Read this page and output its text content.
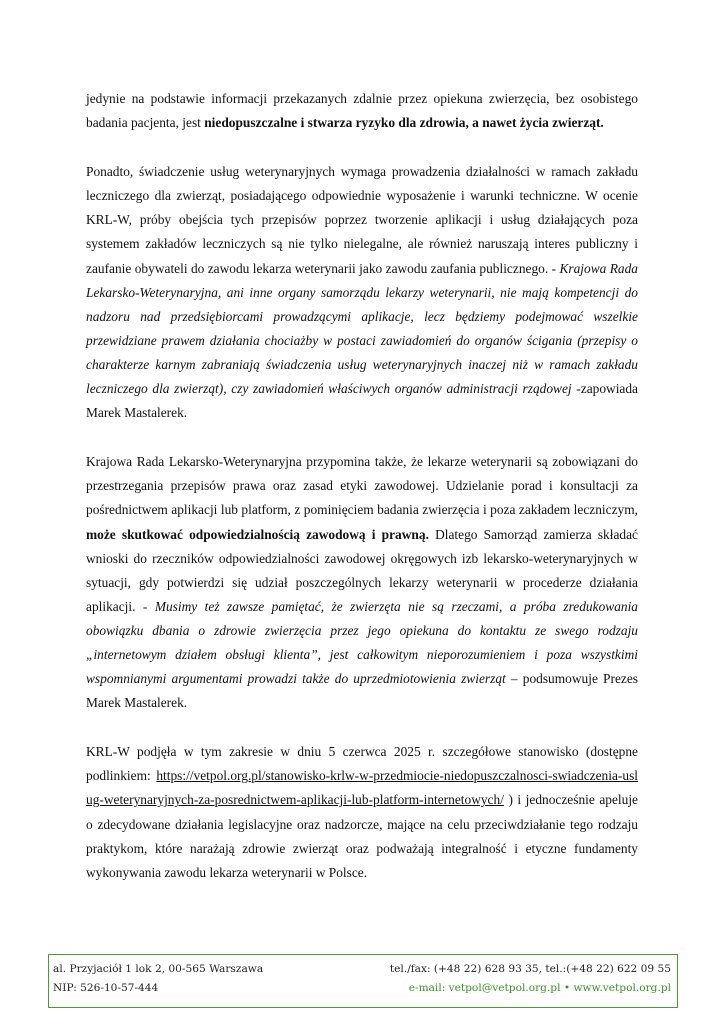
jedynie na podstawie informacji przekazanych zdalnie przez opiekuna zwierzęcia, bez osobistego badania pacjenta, jest niedopuszczalne i stwarza ryzyko dla zdrowia, a nawet życia zwierząt.

Ponadto, świadczenie usług weterynaryjnych wymaga prowadzenia działalności w ramach zakładu leczniczego dla zwierząt, posiadającego odpowiednie wyposażenie i warunki techniczne. W ocenie KRL-W, próby obejścia tych przepisów poprzez tworzenie aplikacji i usług działających poza systemem zakładów leczniczych są nie tylko nielegalne, ale również naruszają interes publiczny i zaufanie obywateli do zawodu lekarza weterynarii jako zawodu zaufania publicznego. - Krajowa Rada Lekarsko-Weterynaryjna, ani inne organy samorządu lekarzy weterynarii, nie mają kompetencji do nadzoru nad przedsiębiorcami prowadzącymi aplikacje, lecz będziemy podejmować wszelkie przewidziane prawem działania chociażby w postaci zawiadomień do organów ścigania (przepisy o charakterze karnym zabraniają świadczenia usług weterynaryjnych inaczej niż w ramach zakładu leczniczego dla zwierząt), czy zawiadomień właściwych organów administracji rządowej -zapowiada Marek Mastalerek.

Krajowa Rada Lekarsko-Weterynaryjna przypomina także, że lekarze weterynarii są zobowiązani do przestrzegania przepisów prawa oraz zasad etyki zawodowej. Udzielanie porad i konsultacji za pośrednictwem aplikacji lub platform, z pominięciem badania zwierzęcia i poza zakładem leczniczym, może skutkować odpowiedzialnością zawodową i prawną. Dlatego Samorząd zamierza składać wnioski do rzeczników odpowiedzialności zawodowej okręgowych izb lekarsko-weterynaryjnych w sytuacji, gdy potwierdzi się udział poszczególnych lekarzy weterynarii w procederze działania aplikacji. - Musimy też zawsze pamiętać, że zwierzęta nie są rzeczami, a próba zredukowania obowiązku dbania o zdrowie zwierzęcia przez jego opiekuna do kontaktu ze swego rodzaju „internetowym działem obsługi klienta”, jest całkowitym nieporozumieniem i poza wszystkimi wspomnianymi argumentami prowadzi także do uprzedmiotowienia zwierząt – podsumowuje Prezes Marek Mastalerek.

KRL-W podjęła w tym zakresie w dniu 5 czerwca 2025 r. szczegółowe stanowisko (dostępne podlinkiem: https://vetpol.org.pl/stanowisko-krlw-w-przedmiocie-niedopuszczalnosci-swiadczenia-uslug-weterynaryjnych-za-posrednictwem-aplikacji-lub-platform-internetowych/ ) i jednocześnie apeluje o zdecydowane działania legislacyjne oraz nadzorcze, mające na celu przeciwdziałanie tego rodzaju praktykom, które narażają zdrowie zwierząt oraz podważają integralność i etyczne fundamenty wykonywania zawodu lekarza weterynarii w Polsce.

al. Przyjaciół 1 lok 2, 00-565 Warszawa	tel./fax: (+48 22) 628 93 35, tel.:(+48 22) 622 09 55
NIP: 526-10-57-444	e-mail: vetpol@vetpol.org.pl • www.vetpol.org.pl
